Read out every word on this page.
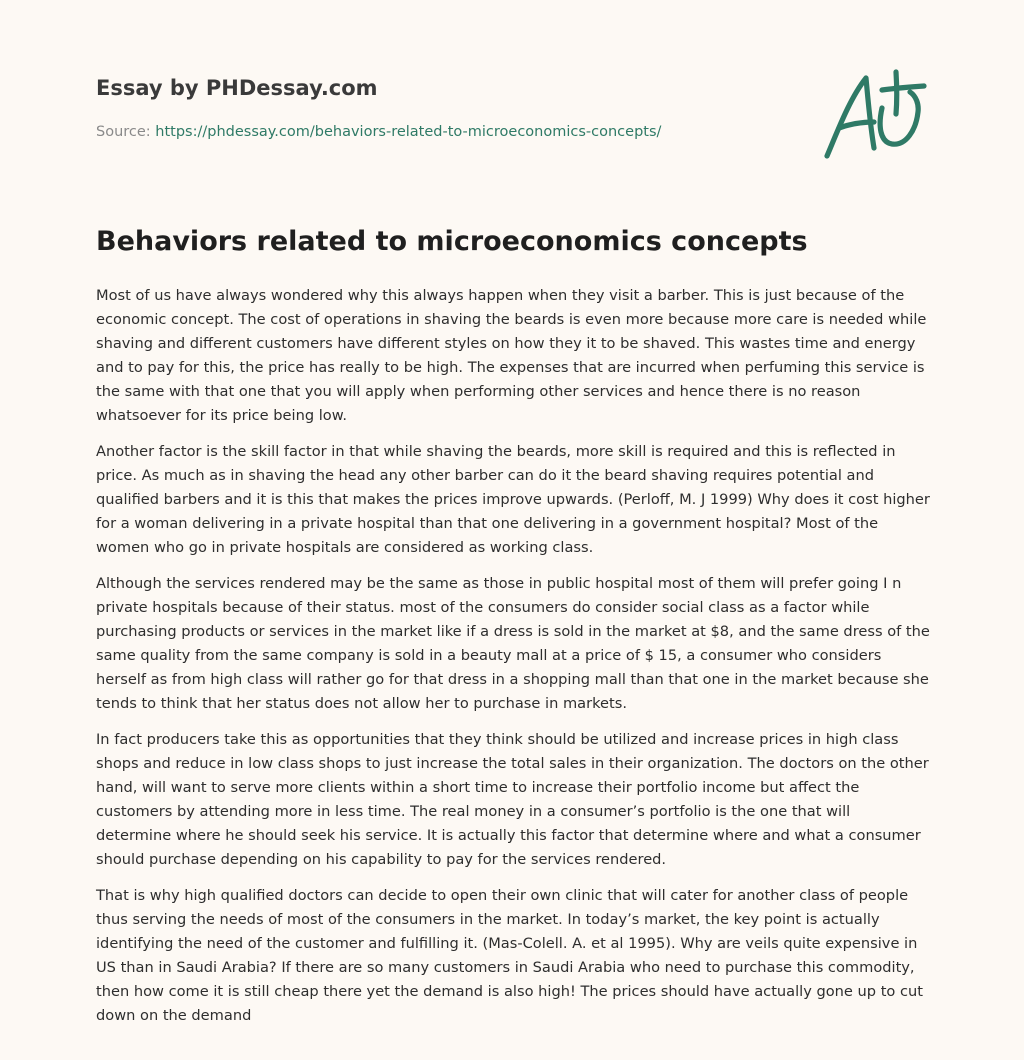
Essay by PHDessay.com
Source: https://phdessay.com/behaviors-related-to-microeconomics-concepts/
Behaviors related to microeconomics concepts

Most of us have always wondered why this always happen when they visit a barber. This is just because of the economic concept. The cost of operations in shaving the beards is even more because more care is needed while shaving and different customers have different styles on how they it to be shaved. This wastes time and energy and to pay for this, the price has really to be high. The expenses that are incurred when perfuming this service is the same with that one that you will apply when performing other services and hence there is no reason whatsoever for its price being low.

Another factor is the skill factor in that while shaving the beards, more skill is required and this is reflected in price. As much as in shaving the head any other barber can do it the beard shaving requires potential and qualified barbers and it is this that makes the prices improve upwards. (Perloff, M. J 1999) Why does it cost higher for a woman delivering in a private hospital than that one delivering in a government hospital? Most of the women who go in private hospitals are considered as working class.

Although the services rendered may be the same as those in public hospital most of them will prefer going I n private hospitals because of their status. most of the consumers do consider social class as a factor while purchasing products or services in the market like if a dress is sold in the market at $8, and the same dress of the same quality from the same company is sold in a beauty mall at a price of $ 15, a consumer who considers herself as from high class will rather go for that dress in a shopping mall than that one in the market because she tends to think that her status does not allow her to purchase in markets.

In fact producers take this as opportunities that they think should be utilized and increase prices in high class shops and reduce in low class shops to just increase the total sales in their organization. The doctors on the other hand, will want to serve more clients within a short time to increase their portfolio income but affect the customers by attending more in less time. The real money in a consumer’s portfolio is the one that will determine where he should seek his service. It is actually this factor that determine where and what a consumer should purchase depending on his capability to pay for the services rendered.

That is why high qualified doctors can decide to open their own clinic that will cater for another class of people thus serving the needs of most of the consumers in the market. In today’s market, the key point is actually identifying the need of the customer and fulfilling it. (Mas-Colell. A. et al 1995). Why are veils quite expensive in US than in Saudi Arabia? If there are so many customers in Saudi Arabia who need to purchase this commodity, then how come it is still cheap there yet the demand is also high! The prices should have actually gone up to cut down on the demand
